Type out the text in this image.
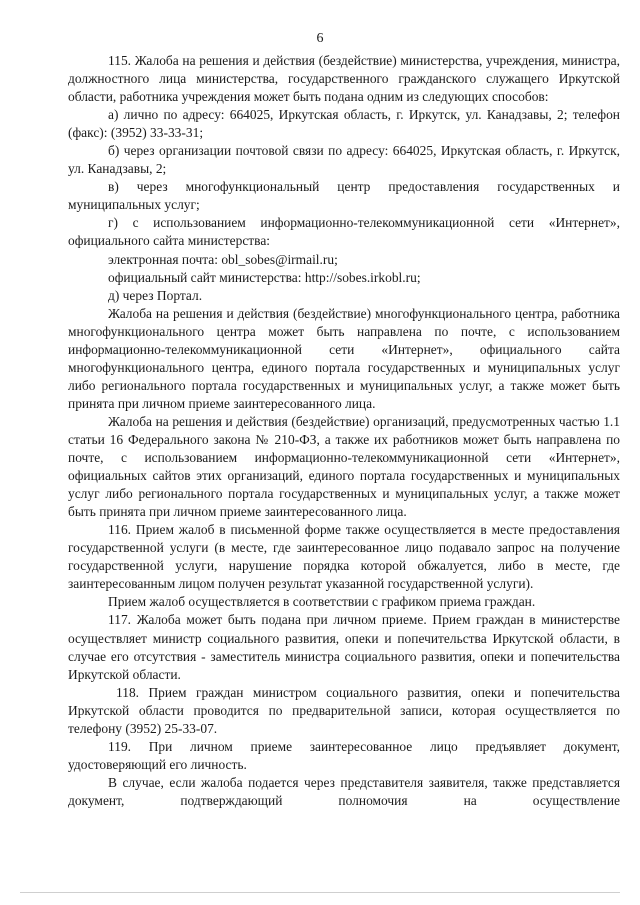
6

115. Жалоба на решения и действия (бездействие) министерства, учреждения, министра, должностного лица министерства, государственного гражданского служащего Иркутской области, работника учреждения может быть подана одним из следующих способов:

а) лично по адресу: 664025, Иркутская область, г. Иркутск, ул. Канадзавы, 2; телефон (факс): (3952) 33-33-31;

б) через организации почтовой связи по адресу: 664025, Иркутская область, г. Иркутск, ул. Канадзавы, 2;

в) через многофункциональный центр предоставления государственных и муниципальных услуг;

г) с использованием информационно-телекоммуникационной сети «Интернет», официального сайта министерства:

электронная почта: obl_sobes@irmail.ru;

официальный сайт министерства: http://sobes.irkobl.ru;

д) через Портал.

Жалоба на решения и действия (бездействие) многофункционального центра, работника многофункционального центра может быть направлена по почте, с использованием информационно-телекоммуникационной сети «Интернет», официального сайта многофункционального центра, единого портала государственных и муниципальных услуг либо регионального портала государственных и муниципальных услуг, а также может быть принята при личном приеме заинтересованного лица.

Жалоба на решения и действия (бездействие) организаций, предусмотренных частью 1.1 статьи 16 Федерального закона № 210-ФЗ, а также их работников может быть направлена по почте, с использованием информационно-телекоммуникационной сети «Интернет», официальных сайтов этих организаций, единого портала государственных и муниципальных услуг либо регионального портала государственных и муниципальных услуг, а также может быть принята при личном приеме заинтересованного лица.

116. Прием жалоб в письменной форме также осуществляется в месте предоставления государственной услуги (в месте, где заинтересованное лицо подавало запрос на получение государственной услуги, нарушение порядка которой обжалуется, либо в месте, где заинтересованным лицом получен результат указанной государственной услуги).

Прием жалоб осуществляется в соответствии с графиком приема граждан.

117. Жалоба может быть подана при личном приеме. Прием граждан в министерстве осуществляет министр социального развития, опеки и попечительства Иркутской области, в случае его отсутствия - заместитель министра социального развития, опеки и попечительства Иркутской области.

118. Прием граждан министром социального развития, опеки и попечительства Иркутской области проводится по предварительной записи, которая осуществляется по телефону (3952) 25-33-07.

119. При личном приеме заинтересованное лицо предъявляет документ, удостоверяющий его личность.

В случае, если жалоба подается через представителя заявителя, также представляется документ, подтверждающий полномочия на осуществление
